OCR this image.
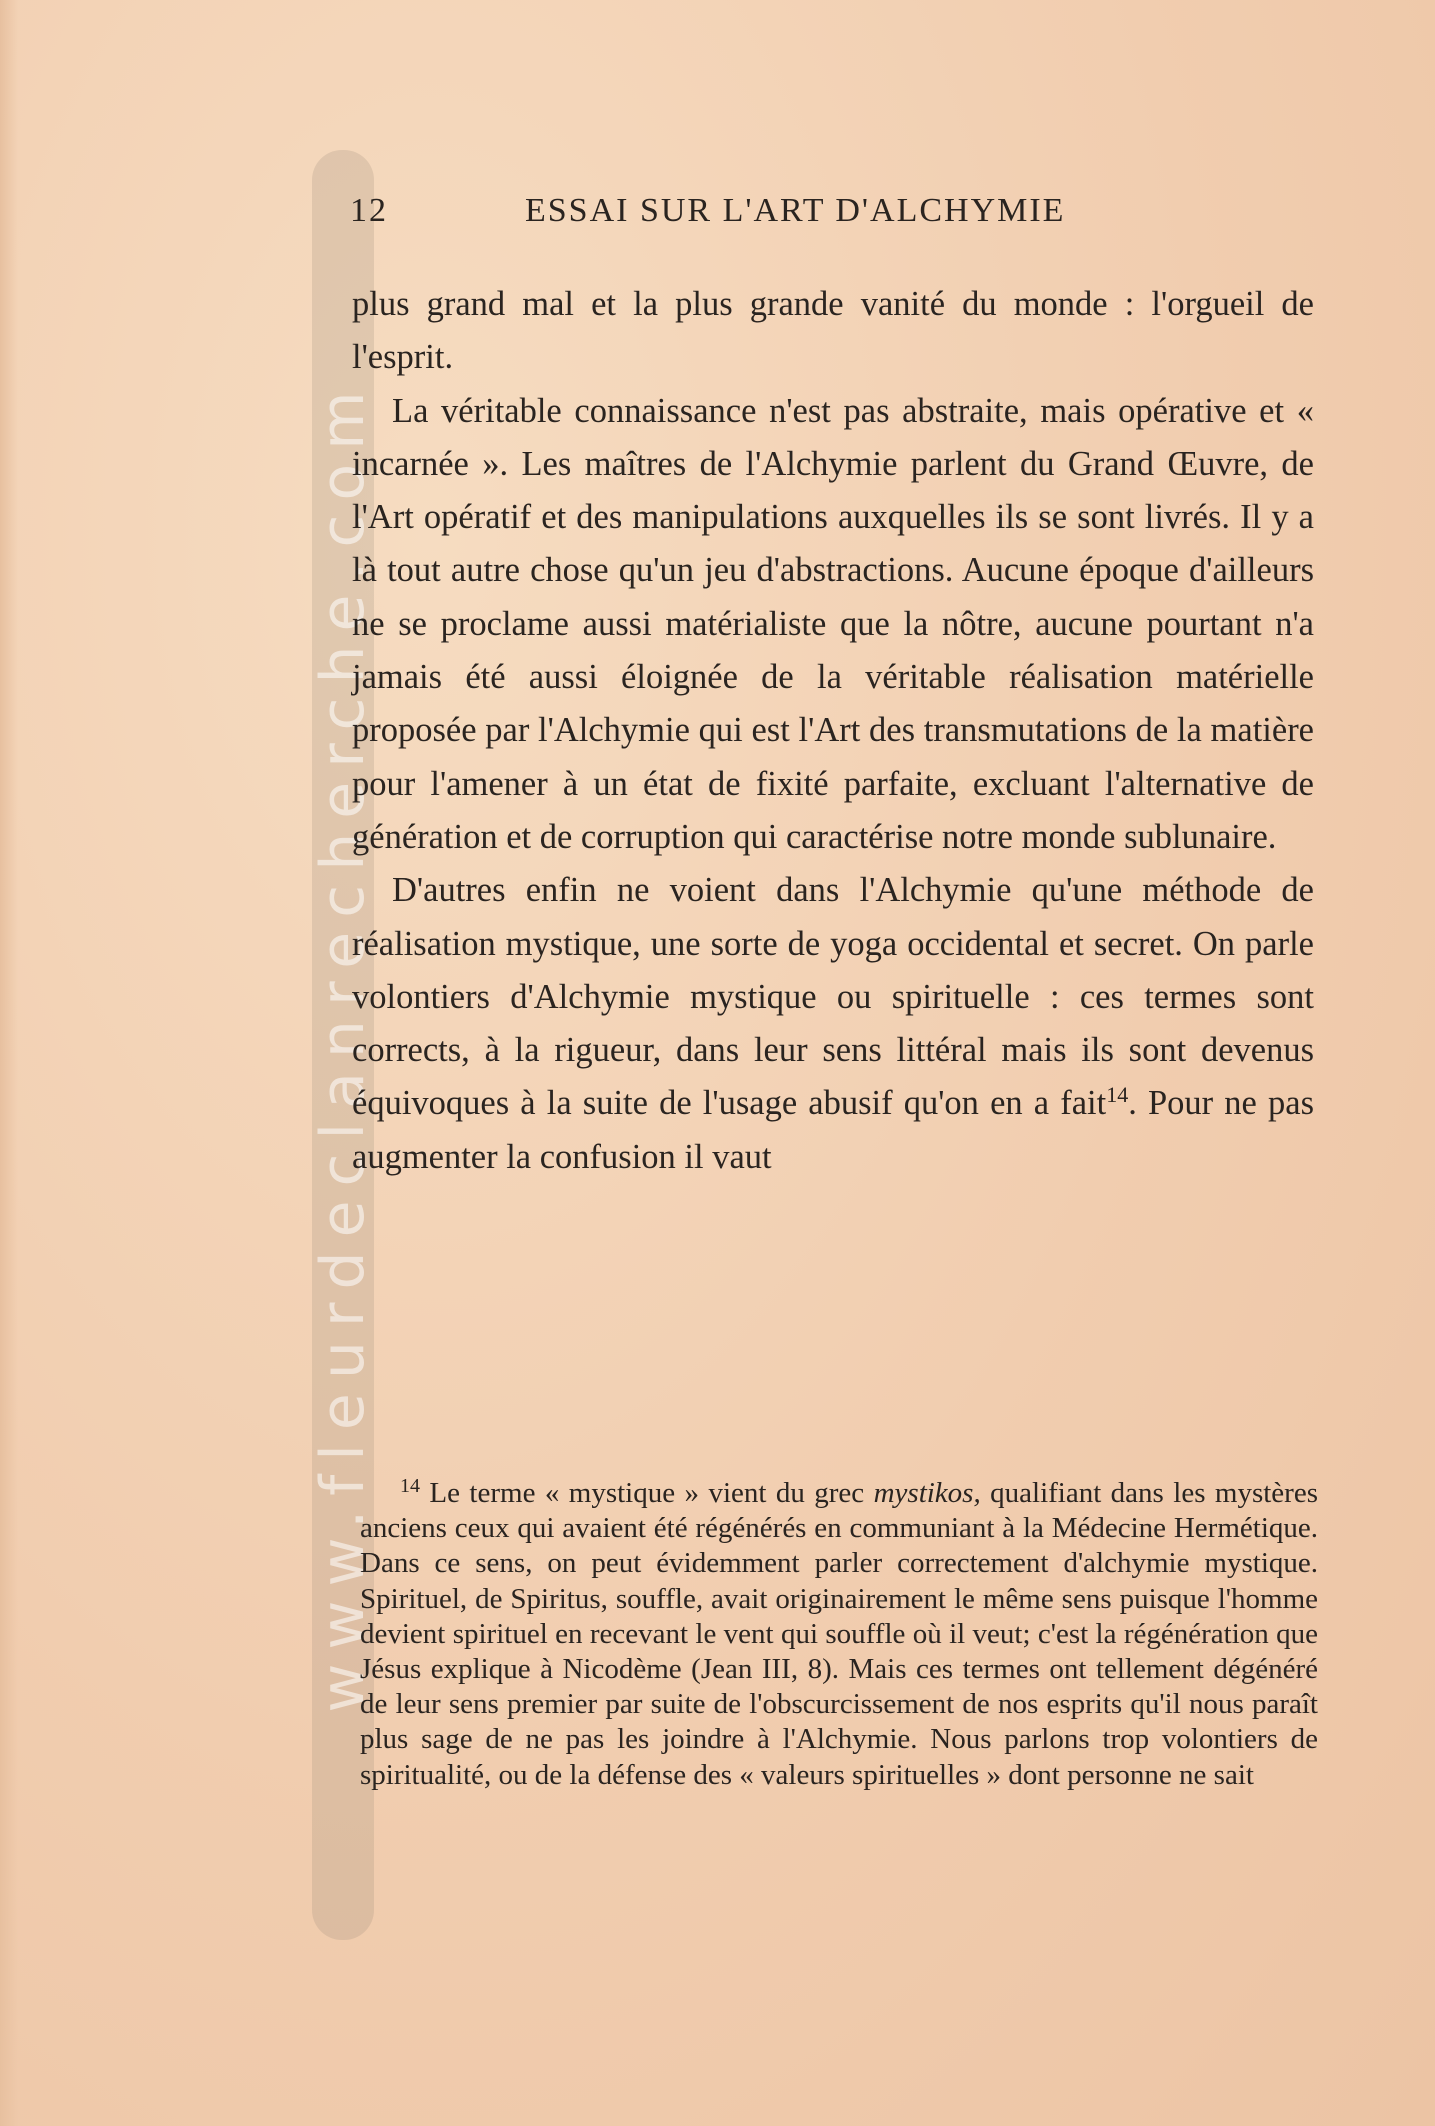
www.fleurdeclanrecherche.com
12	ESSAI SUR L'ART D'ALCHYMIE

plus grand mal et la plus grande vanité du monde : l'orgueil de l'esprit.

La véritable connaissance n'est pas abstraite, mais opérative et « incarnée ». Les maîtres de l'Alchymie parlent du Grand Œuvre, de l'Art opératif et des manipulations auxquelles ils se sont livrés. Il y a là tout autre chose qu'un jeu d'abstractions. Aucune époque d'ailleurs ne se proclame aussi matérialiste que la nôtre, aucune pourtant n'a jamais été aussi éloignée de la véritable réalisation matérielle proposée par l'Alchymie qui est l'Art des transmutations de la matière pour l'amener à un état de fixité parfaite, excluant l'alternative de génération et de corruption qui caractérise notre monde sublunaire.

D'autres enfin ne voient dans l'Alchymie qu'une méthode de réalisation mystique, une sorte de yoga occidental et secret. On parle volontiers d'Alchymie mystique ou spirituelle : ces termes sont corrects, à la rigueur, dans leur sens littéral mais ils sont devenus équivoques à la suite de l'usage abusif qu'on en a fait$^{14}$. Pour ne pas augmenter la confusion il vaut

$^{14}$ Le terme « mystique » vient du grec mystikos, qualifiant dans les mystères anciens ceux qui avaient été régénérés en communiant à la Médecine Hermétique. Dans ce sens, on peut évidemment parler correctement d'alchymie mystique. Spirituel, de Spiritus, souffle, avait originairement le même sens puisque l'homme devient spirituel en recevant le vent qui souffle où il veut; c'est la régénération que Jésus explique à Nicodème (Jean III, 8). Mais ces termes ont tellement dégénéré de leur sens premier par suite de l'obscurcissement de nos esprits qu'il nous paraît plus sage de ne pas les joindre à l'Alchymie. Nous parlons trop volontiers de spiritualité, ou de la défense des « valeurs spirituelles » dont personne ne sait
